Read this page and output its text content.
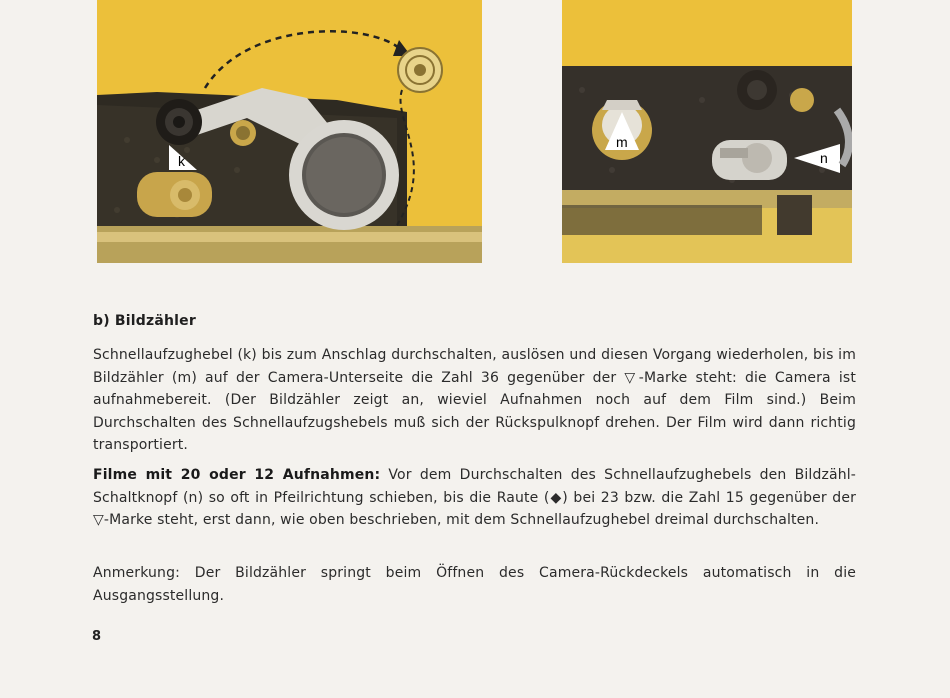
k
m
n
b) Bildzähler
Schnellaufzughebel (k) bis zum Anschlag durchschalten, auslösen und diesen Vorgang wiederholen, bis im Bildzähler (m) auf der Camera-Unterseite die Zahl 36 gegenüber der ▽-Marke steht: die Camera ist aufnahmebereit. (Der Bildzähler zeigt an, wieviel Aufnahmen noch auf dem Film sind.) Beim Durchschalten des Schnellaufzugshebels muß sich der Rückspulknopf drehen. Der Film wird dann richtig transportiert.
Filme mit 20 oder 12 Aufnahmen: Vor dem Durchschalten des Schnellaufzughebels den Bildzähl-Schaltknopf (n) so oft in Pfeilrichtung schieben, bis die Raute (◆) bei 23 bzw. die Zahl 15 gegenüber der ▽-Marke steht, erst dann, wie oben beschrieben, mit dem Schnellaufzughebel dreimal durchschalten.
Anmerkung: Der Bildzähler springt beim Öffnen des Camera-Rückdeckels automatisch in die Ausgangsstellung.
8
